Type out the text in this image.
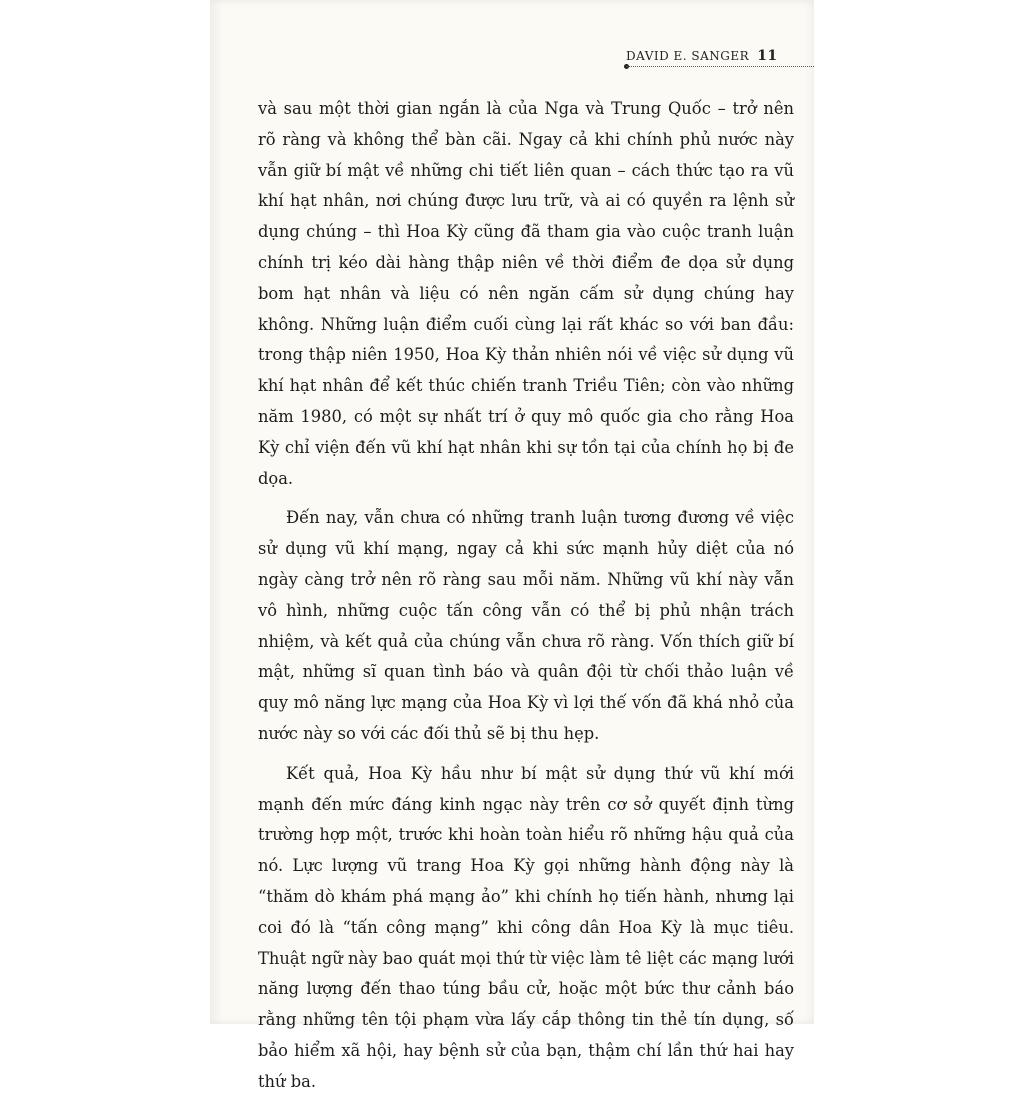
DAVID E. SANGER 11

và sau một thời gian ngắn là của Nga và Trung Quốc – trở nên rõ ràng và không thể bàn cãi. Ngay cả khi chính phủ nước này vẫn giữ bí mật về những chi tiết liên quan – cách thức tạo ra vũ khí hạt nhân, nơi chúng được lưu trữ, và ai có quyền ra lệnh sử dụng chúng – thì Hoa Kỳ cũng đã tham gia vào cuộc tranh luận chính trị kéo dài hàng thập niên về thời điểm đe dọa sử dụng bom hạt nhân và liệu có nên ngăn cấm sử dụng chúng hay không. Những luận điểm cuối cùng lại rất khác so với ban đầu: trong thập niên 1950, Hoa Kỳ thản nhiên nói về việc sử dụng vũ khí hạt nhân để kết thúc chiến tranh Triều Tiên; còn vào những năm 1980, có một sự nhất trí ở quy mô quốc gia cho rằng Hoa Kỳ chỉ viện đến vũ khí hạt nhân khi sự tồn tại của chính họ bị đe dọa.

Đến nay, vẫn chưa có những tranh luận tương đương về việc sử dụng vũ khí mạng, ngay cả khi sức mạnh hủy diệt của nó ngày càng trở nên rõ ràng sau mỗi năm. Những vũ khí này vẫn vô hình, những cuộc tấn công vẫn có thể bị phủ nhận trách nhiệm, và kết quả của chúng vẫn chưa rõ ràng. Vốn thích giữ bí mật, những sĩ quan tình báo và quân đội từ chối thảo luận về quy mô năng lực mạng của Hoa Kỳ vì lợi thế vốn đã khá nhỏ của nước này so với các đối thủ sẽ bị thu hẹp.

Kết quả, Hoa Kỳ hầu như bí mật sử dụng thứ vũ khí mới mạnh đến mức đáng kinh ngạc này trên cơ sở quyết định từng trường hợp một, trước khi hoàn toàn hiểu rõ những hậu quả của nó. Lực lượng vũ trang Hoa Kỳ gọi những hành động này là “thăm dò khám phá mạng ảo” khi chính họ tiến hành, nhưng lại coi đó là “tấn công mạng” khi công dân Hoa Kỳ là mục tiêu. Thuật ngữ này bao quát mọi thứ từ việc làm tê liệt các mạng lưới năng lượng đến thao túng bầu cử, hoặc một bức thư cảnh báo rằng những tên tội phạm vừa lấy cắp thông tin thẻ tín dụng, số bảo hiểm xã hội, hay bệnh sử của bạn, thậm chí lần thứ hai hay thứ ba.
